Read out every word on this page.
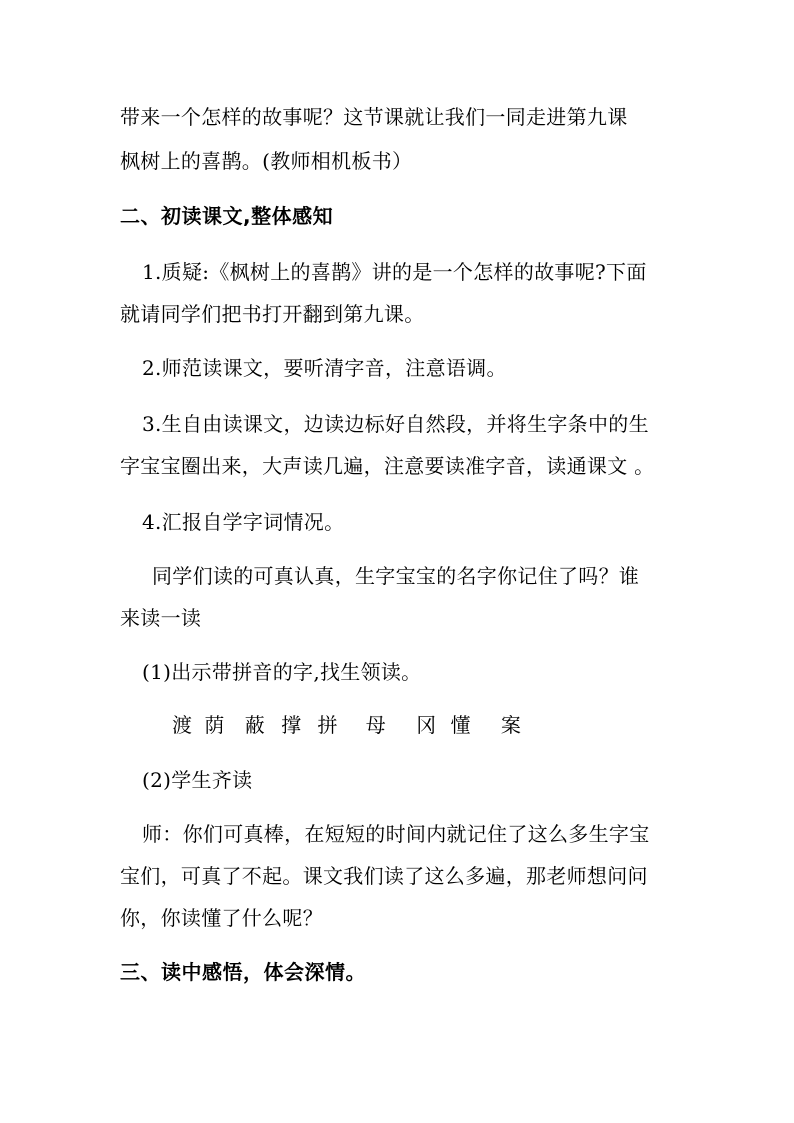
带来一个怎样的故事呢？这节课就让我们一同走进第九课
枫树上的喜鹊。(教师相机板书）
二、初读课文,整体感知
1.质疑:《枫树上的喜鹊》讲的是一个怎样的故事呢?下面
就请同学们把书打开翻到第九课。
2.师范读课文，要听清字音，注意语调。
3.生自由读课文，边读边标好自然段，并将生字条中的生
字宝宝圈出来，大声读几遍，注意要读准字音，读通课文 。
4.汇报自学字词情况。
同学们读的可真认真，生字宝宝的名字你记住了吗？谁
来读一读
(1)出示带拼音的字,找生领读。
渡 荫 蔽 撑 拼 母 冈 懂 案
(2)学生齐读
师：你们可真棒，在短短的时间内就记住了这么多生字宝
宝们，可真了不起。课文我们读了这么多遍，那老师想问问
你，你读懂了什么呢？
三、读中感悟，体会深情。
